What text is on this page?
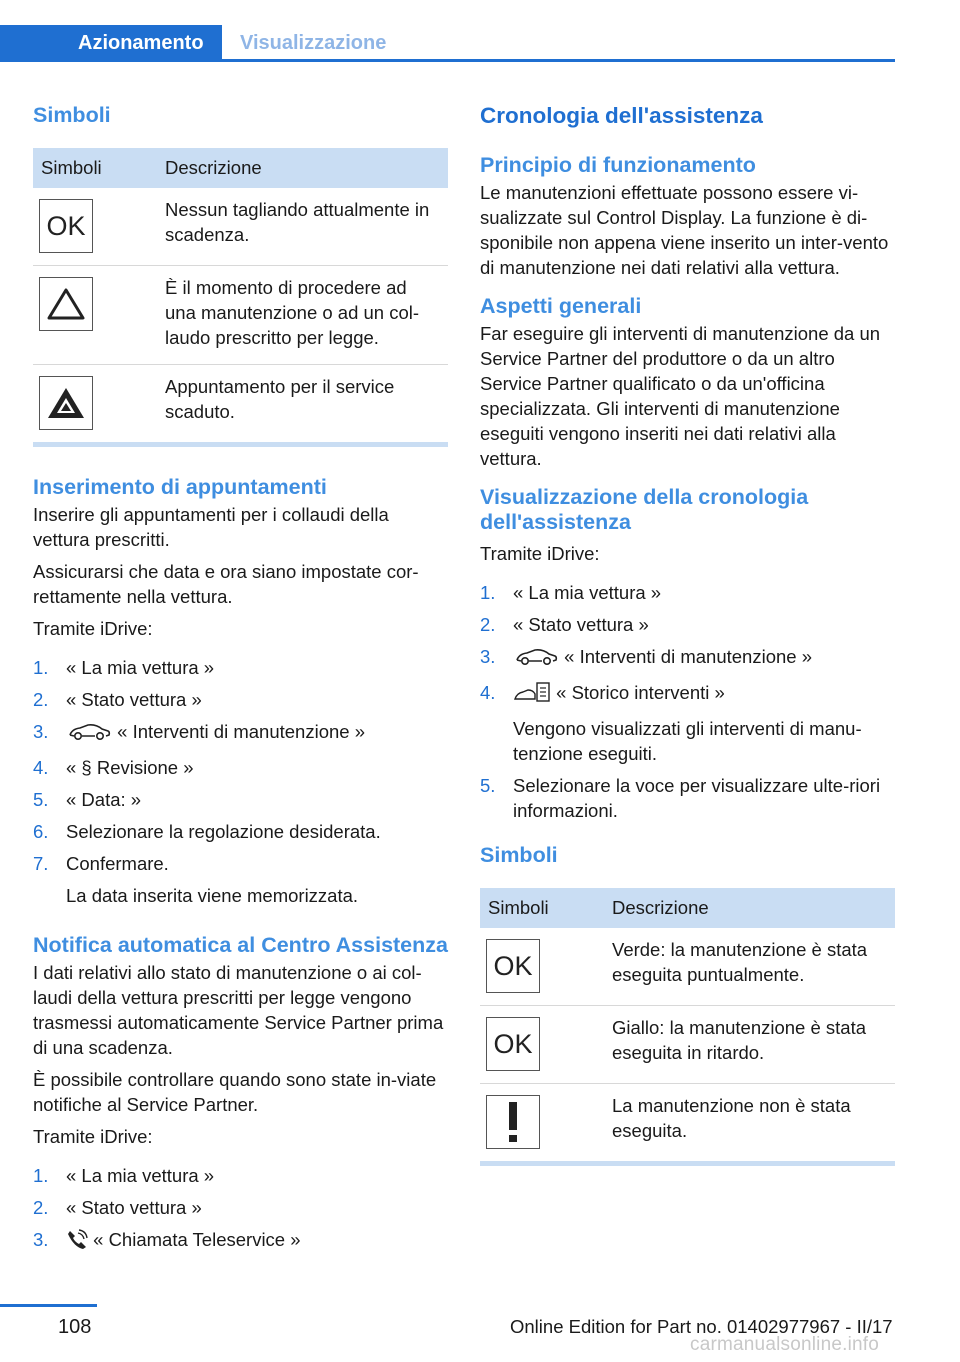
Azionamento	Visualizzazione
Simboli
Simboli	Descrizione

OK	Nessun tagliando attualmente in scadenza.

	È il momento di procedere ad una manutenzione o ad un col-laudo prescritto per legge.

	Appuntamento per il service scaduto.
Inserimento di appuntamenti

Inserire gli appuntamenti per i collaudi della vettura prescritti.

Assicurarsi che data e ora siano impostate cor-rettamente nella vettura.

Tramite iDrive:

1. « La mia vettura »
2. « Stato vettura »
3.	« Interventi di manutenzione »
4. « § Revisione »
5. « Data: »
6. Selezionare la regolazione desiderata.
7. Confermare.
La data inserita viene memorizzata.
Notifica automatica al Centro Assistenza

I dati relativi allo stato di manutenzione o ai col-laudi della vettura prescritti per legge vengono trasmessi automaticamente Service Partner prima di una scadenza.

È possibile controllare quando sono state in-viate notifiche al Service Partner.

Tramite iDrive:

1. « La mia vettura »
2. « Stato vettura »
3. « Chiamata Teleservice »
Cronologia dell'assistenza
Principio di funzionamento

Le manutenzioni effettuate possono essere vi-sualizzate sul Control Display. La funzione è di-sponibile non appena viene inserito un inter-vento di manutenzione nei dati relativi alla vettura.

Aspetti generali

Far eseguire gli interventi di manutenzione da un Service Partner del produttore o da un altro Service Partner qualificato o da un'officina specializzata. Gli interventi di manutenzione eseguiti vengono inseriti nei dati relativi alla vettura.

Visualizzazione della cronologia dell'assistenza

Tramite iDrive:

1. « La mia vettura »
2. « Stato vettura »
3.	« Interventi di manutenzione »
4.	« Storico interventi »
Vengono visualizzati gli interventi di manu-tenzione eseguiti.
5. Selezionare la voce per visualizzare ulte-riori informazioni.
Simboli
Simboli	Descrizione

OK	Verde: la manutenzione è stata eseguita puntualmente.

OK	Giallo: la manutenzione è stata eseguita in ritardo.

	La manutenzione non è stata eseguita.
108	Online Edition for Part no. 01402977967 - II/17
carmanualsonline.info
